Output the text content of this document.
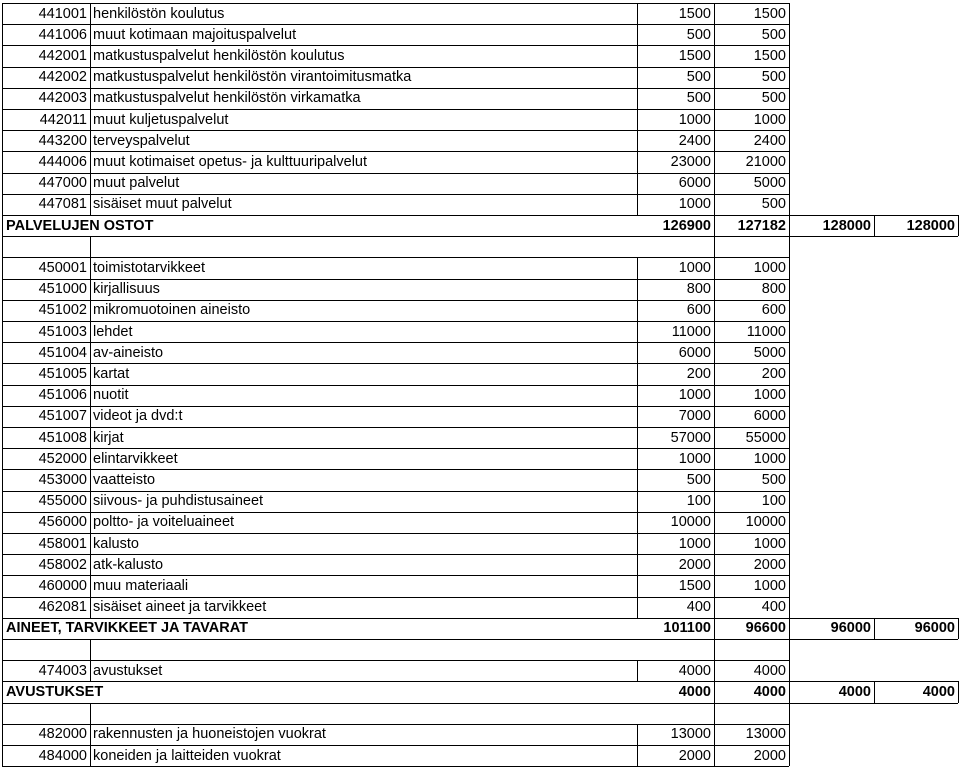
441001 henkilöstön koulutus	1500	1500
441006 muut kotimaan majoituspalvelut	500	500
442001 matkustuspalvelut henkilöstön koulutus	1500	1500
442002 matkustuspalvelut henkilöstön virantoimitusmatka	500	500
442003 matkustuspalvelut henkilöstön virkamatka	500	500
442011 muut kuljetuspalvelut	1000	1000
443200 terveyspalvelut	2400	2400
444006 muut kotimaiset opetus- ja kulttuuripalvelut	23000	21000
447000 muut palvelut	6000	5000
447081 sisäiset muut palvelut	1000	500
PALVELUJEN OSTOT	126900	127182	128000	128000
450001 toimistotarvikkeet	1000	1000
451000 kirjallisuus	800	800
451002 mikromuotoinen aineisto	600	600
451003 lehdet	11000	11000
451004 av-aineisto	6000	5000
451005 kartat	200	200
451006 nuotit	1000	1000
451007 videot ja dvd:t	7000	6000
451008 kirjat	57000	55000
452000 elintarvikkeet	1000	1000
453000 vaatteisto	500	500
455000 siivous- ja puhdistusaineet	100	100
456000 poltto- ja voiteluaineet	10000	10000
458001 kalusto	1000	1000
458002 atk-kalusto	2000	2000
460000 muu materiaali	1500	1000
462081 sisäiset aineet ja tarvikkeet	400	400
AINEET, TARVIKKEET JA TAVARAT	101100	96600	96000	96000
474003 avustukset	4000	4000
AVUSTUKSET	4000	4000	4000	4000
482000 rakennusten ja huoneistojen vuokrat	13000	13000
484000 koneiden ja laitteiden vuokrat	2000	2000
